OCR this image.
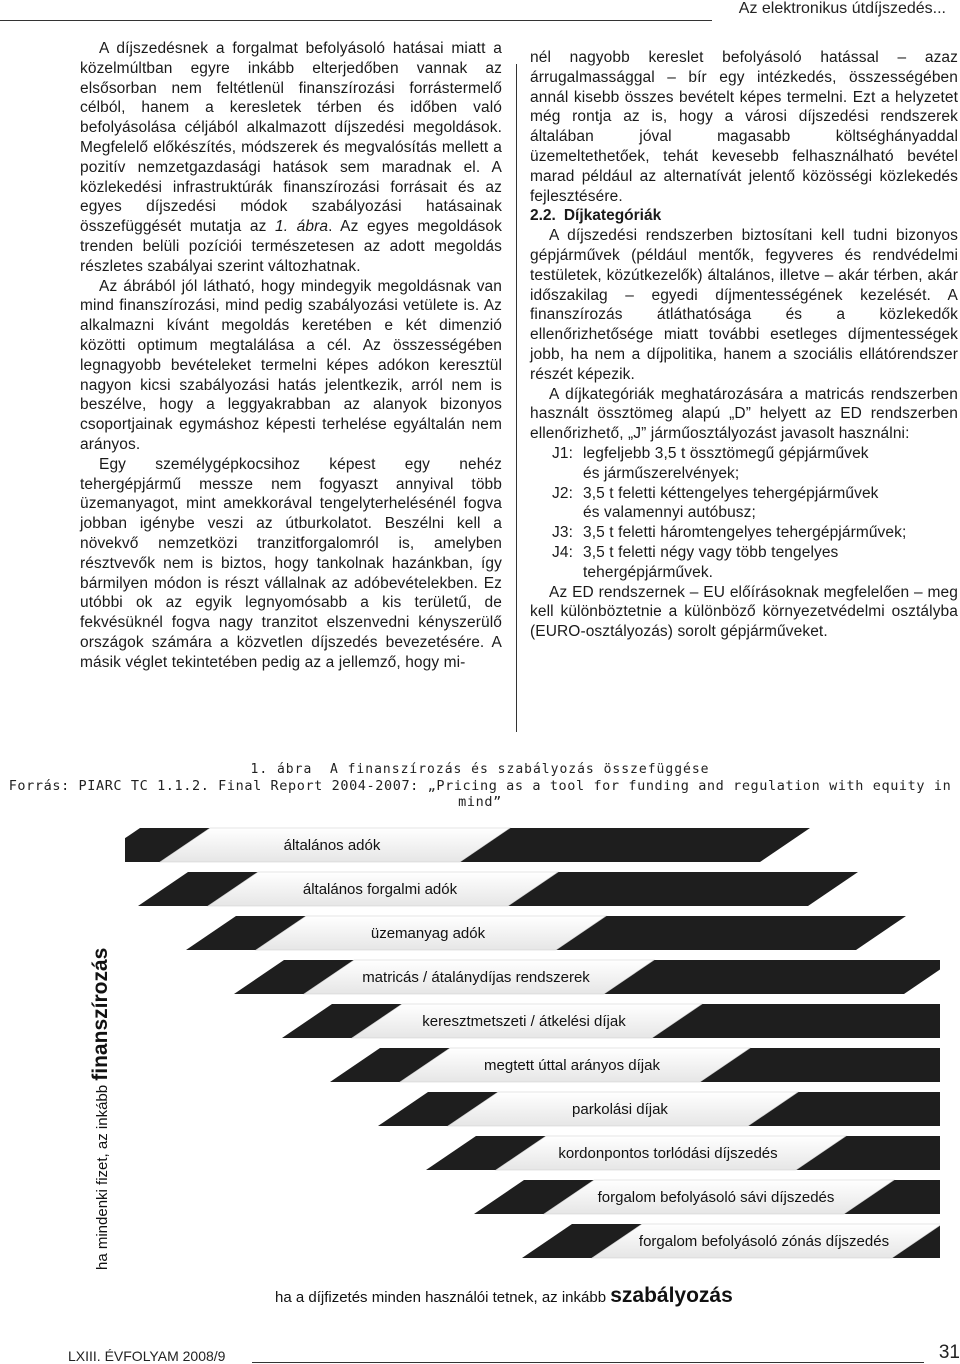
Az elektronikus útdíjszedés...

A díjszedésnek a forgalmat befolyásoló hatásai miatt a közelmúltban egyre inkább elterjedőben vannak az elsősorban nem feltétlenül finanszírozási forrástermelő célból, hanem a keresletek térben és időben való befolyásolása céljából alkalmazott díjszedési megoldások. Megfelelő előkészítés, módszerek és megvalósítás mellett a pozitív nemzetgazdasági hatások sem maradnak el. A közlekedési infrastruktúrák finanszírozási forrásait és az egyes díjszedési módok szabályozási hatásainak összefüggését mutatja az 1. ábra. Az egyes megoldások trenden belüli pozíciói természetesen az adott megoldás részletes szabályai szerint változhatnak.

Az ábrából jól látható, hogy mindegyik megoldásnak van mind finanszírozási, mind pedig szabályozási vetülete is. Az alkalmazni kívánt megoldás keretében e két dimenzió közötti optimum megtalálása a cél. Az összességében legnagyobb bevételeket termelni képes adókon keresztül nagyon kicsi szabályozási hatás jelentkezik, arról nem is beszélve, hogy a leggyakrabban az alanyok bizonyos csoportjainak egymáshoz képesti terhelése egyáltalán nem arányos.

Egy személygépkocsihoz képest egy nehéz tehergépjármű messze nem fogyaszt annyival több üzemanyagot, mint amekkorával tengelyterhelésénél fogva jobban igénybe veszi az útburkolatot. Beszélni kell a növekvő nemzetközi tranzitforgalomról is, amelyben résztvevők nem is biztos, hogy tankolnak hazánkban, így bármilyen módon is részt vállalnak az adóbevételekben. Ez utóbbi ok az egyik legnyomósabb a kis területű, de fekvésüknél fogva nagy tranzitot elszenvedni kényszerülő országok számára a közvetlen díjszedés bevezetésére. A másik véglet tekintetében pedig az a jellemző, hogy mi-

nél nagyobb kereslet befolyásoló hatással – azaz árrugalmassággal – bír egy intézkedés, összességében annál kisebb összes bevételt képes termelni. Ezt a helyzetet még rontja az is, hogy a városi díjszedési rendszerek általában jóval magasabb költséghányaddal üzemeltethetőek, tehát kevesebb felhasználható bevétel marad például az alternatívát jelentő közösségi közlekedés fejlesztésére.

2.2. Díjkategóriák

A díjszedési rendszerben biztosítani kell tudni bizonyos gépjárművek (például mentők, fegyveres és rendvédelmi testületek, közútkezelők) általános, illetve – akár térben, akár időszakilag – egyedi díjmentességének kezelését. A finanszírozás átláthatósága és a közlekedők ellenőrizhetősége miatt további esetleges díjmentességek jobb, ha nem a díjpolitika, hanem a szociális ellátórendszer részét képezik.

A díjkategóriák meghatározására a matricás rendszerben használt össztömeg alapú „D” helyett az ED rendszerben ellenőrizhető, „J” járműosztályozást javasolt használni:

J1: legfeljebb 3,5 t össztömegű gépjárművek
és járműszerelvények;

J2: 3,5 t feletti kéttengelyes tehergépjárművek
és valamennyi autóbusz;

J3: 3,5 t feletti háromtengelyes tehergépjárművek;

J4: 3,5 t feletti négy vagy több tengelyes
tehergépjárművek.

Az ED rendszernek – EU előírásoknak megfelelően – meg kell különböztetnie a különböző környezetvédelmi osztályba (EURO-osztályozás) sorolt gépjárműveket.

1. ábra A finanszírozás és szabályozás összefüggése
Forrás: PIARC TC 1.1.2. Final Report 2004-2007: „Pricing as a tool for funding and regulation with equity in mind”
általános adók
általános forgalmi adók
üzemanyag adók
matricás / átalánydíjas rendszerek
keresztmetszeti / átkelési díjak
megtett úttal arányos díjak
parkolási díjak
kordonpontos torlódási díjszedés
forgalom befolyásoló sávi díjszedés
forgalom befolyásoló zónás díjszedés
ha mindenki fizet, az inkább finanszírozás
ha a díjfizetés minden használói tetnek, az inkább szabályozás
LXIII. ÉVFOLYAM 2008/9	31
